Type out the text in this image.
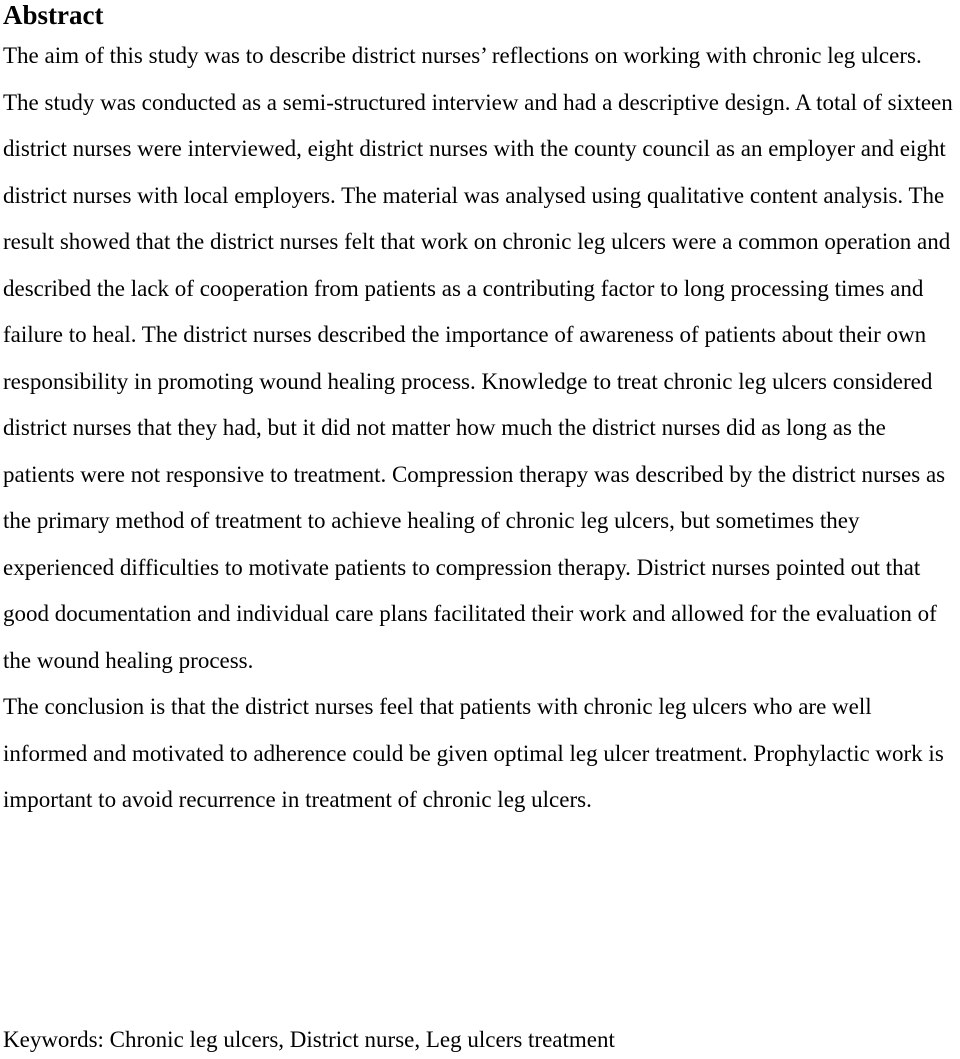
Abstract

The aim of this study was to describe district nurses’ reflections on working with chronic leg ulcers. The study was conducted as a semi-structured interview and had a descriptive design. A total of sixteen district nurses were interviewed, eight district nurses with the county council as an employer and eight district nurses with local employers. The material was analysed using qualitative content analysis. The result showed that the district nurses felt that work on chronic leg ulcers were a common operation and described the lack of cooperation from patients as a contributing factor to long processing times and failure to heal. The district nurses described the importance of awareness of patients about their own responsibility in promoting wound healing process. Knowledge to treat chronic leg ulcers considered district nurses that they had, but it did not matter how much the district nurses did as long as the patients were not responsive to treatment. Compression therapy was described by the district nurses as the primary method of treatment to achieve healing of chronic leg ulcers, but sometimes they experienced difficulties to motivate patients to compression therapy. District nurses pointed out that good documentation and individual care plans facilitated their work and allowed for the evaluation of the wound healing process.

The conclusion is that the district nurses feel that patients with chronic leg ulcers who are well informed and motivated to adherence could be given optimal leg ulcer treatment. Prophylactic work is important to avoid recurrence in treatment of chronic leg ulcers.

Keywords: Chronic leg ulcers, District nurse, Leg ulcers treatment
